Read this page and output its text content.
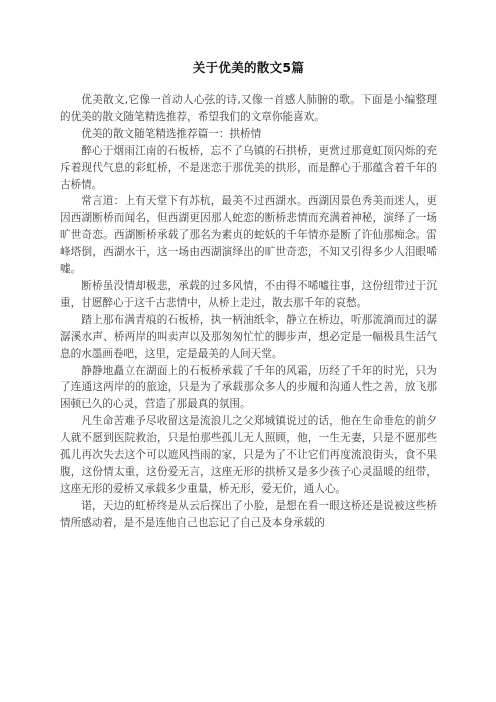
关于优美的散文5篇

优美散文,它像一首动人心弦的诗,又像一首感人肺腑的歌。下面是小编整理的优美的散文随笔精选推荐，希望我们的文章你能喜欢。

优美的散文随笔精选推荐篇一：拱桥情

醉心于烟雨江南的石板桥，忘不了乌镇的石拱桥，更赏过那竟虹顶闪烁的充斥着现代气息的彩虹桥，不是迷恋于那优美的拱形，而是醉心于那蕴含着千年的古桥情。

常言道：上有天堂下有苏杭，最美不过西湖水。西湖因景色秀美而迷人，更因西湖断桥而闻名，但西湖更因那人蛇恋的断桥悲情而充满着神秘，演绎了一场旷世奇恋。西湖断桥承载了那名为素贞的蛇妖的千年情亦是断了许仙那痴念。雷峰塔倒，西湖水干，这一场由西湖演绎出的旷世奇恋，不知又引得多少人泪眼唏嘘。

断桥虽没情却极悲，承载的过多风情，不由得不唏嘘往事，这份纽带过于沉重，甘愿醉心于这千古悲情中，从桥上走过，散去那千年的哀愁。

踏上那布满青痕的石板桥，执一柄油纸伞，静立在桥边，听那流淌而过的潺潺溪水声、桥两岸的叫卖声以及那匆匆忙忙的脚步声，想必定是一幅极具生活气息的水墨画卷吧，这里，定是最美的人间天堂。

静静地矗立在湖面上的石板桥承载了千年的风霜，历经了千年的时光，只为了连通这两岸的的旅途，只是为了承载那众多人的步履和沟通人性之善，放飞那困顿已久的心灵，营造了那最真的氛围。

凡生命苦难予尽收留这是流浪儿之父郑城镇说过的话，他在生命垂危的前夕人就不愿到医院救治，只是怕那些孤儿无人照顾，他，一生无妻，只是不愿那些孤儿再次失去这个可以遮风挡雨的家，只是为了不让它们再度流浪街头，食不果腹，这份情太重，这份爱无言，这座无形的拱桥又是多少孩子心灵温暖的纽带，这座无形的爱桥又承载多少重量，桥无形，爱无价，通人心。

诺，天边的虹桥终是从云后探出了小脸，是想在看一眼这桥还是说被这些桥情所感动着，是不是连他自己也忘记了自己及本身承载的
